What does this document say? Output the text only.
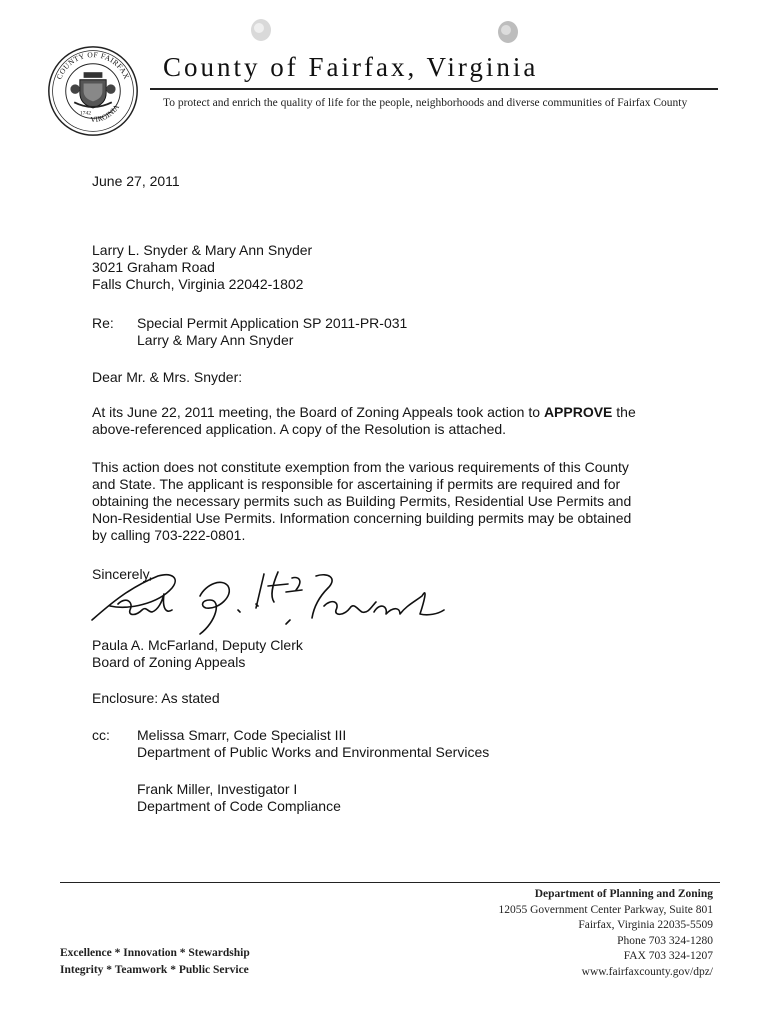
COUNTY OF FAIRFAX
VIRGINIA
1742
County of Fairfax, Virginia
To protect and enrich the quality of life for the people, neighborhoods and diverse communities of Fairfax County
June 27, 2011
Larry L. Snyder & Mary Ann Snyder
3021 Graham Road
Falls Church, Virginia 22042-1802
Re: Special Permit Application SP 2011-PR-031
Larry & Mary Ann Snyder
Dear Mr. & Mrs. Snyder:
At its June 22, 2011 meeting, the Board of Zoning Appeals took action to APPROVE the
above-referenced application. A copy of the Resolution is attached.
This action does not constitute exemption from the various requirements of this County
and State. The applicant is responsible for ascertaining if permits are required and for
obtaining the necessary permits such as Building Permits, Residential Use Permits and
Non-Residential Use Permits. Information concerning building permits may be obtained
by calling 703-222-0801.
Sincerely,
Paula A. McFarland, Deputy Clerk
Board of Zoning Appeals
Enclosure: As stated
cc: Melissa Smarr, Code Specialist III
Department of Public Works and Environmental Services
Frank Miller, Investigator I
Department of Code Compliance
Department of Planning and Zoning
12055 Government Center Parkway, Suite 801
Fairfax, Virginia 22035-5509
Phone 703 324-1280
FAX 703 324-1207
www.fairfaxcounty.gov/dpz/
Excellence * Innovation * Stewardship
Integrity * Teamwork * Public Service
